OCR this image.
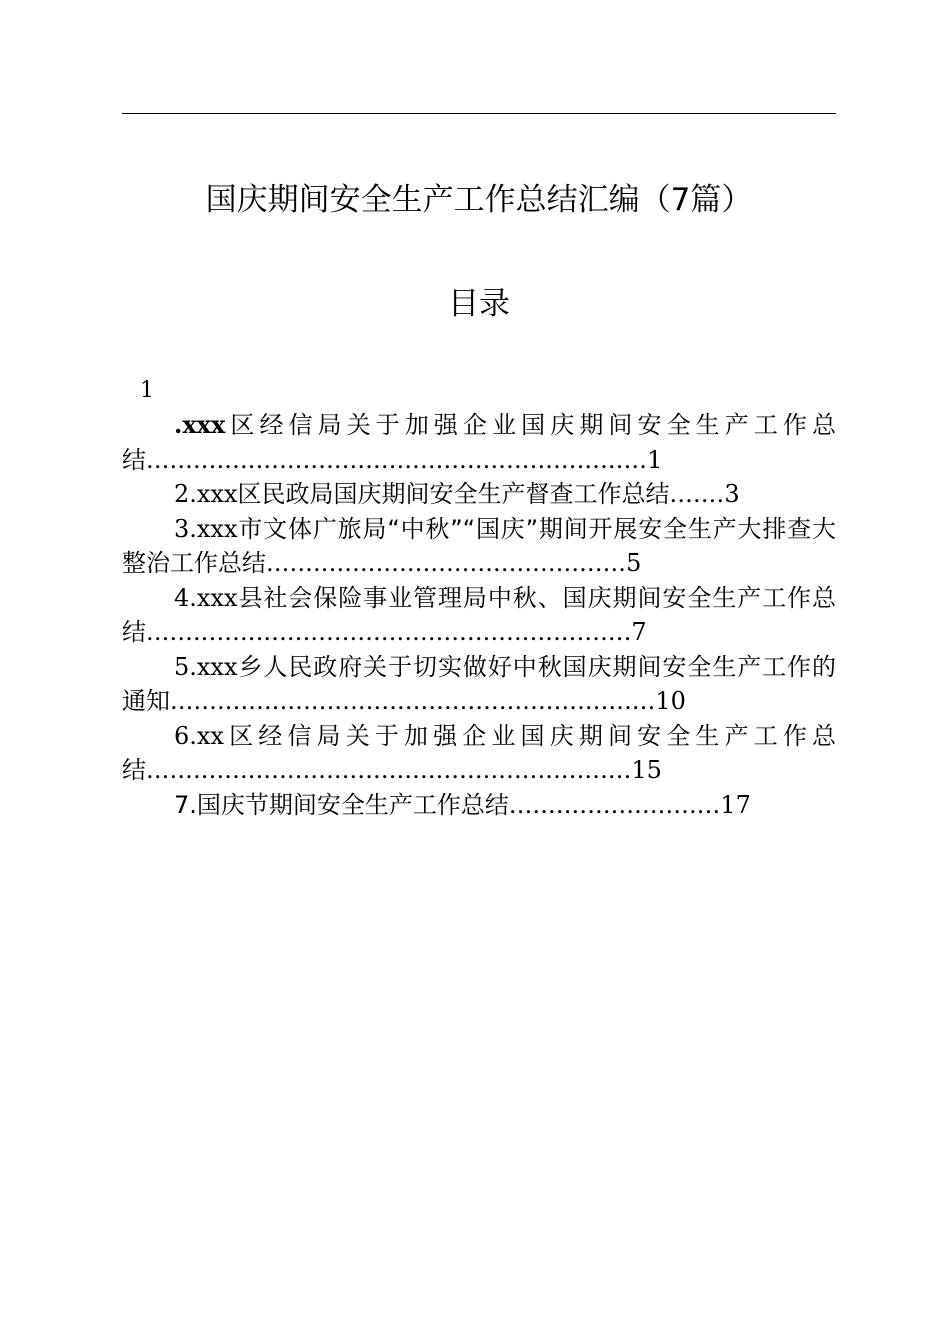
国庆期间安全生产工作总结汇编（7篇）
目录
1
.xxx区经信局关于加强企业国庆期间安全生产工作总结................................................................1
2.xxx区民政局国庆期间安全生产督查工作总结.......3
3.xxx市文体广旅局“中秋”“国庆”期间开展安全生产大排查大整治工作总结..............................................5
4.xxx县社会保险事业管理局中秋、国庆期间安全生产工作总结..............................................................7
5.xxx乡人民政府关于切实做好中秋国庆期间安全生产工作的通知..............................................................10
6.xx区经信局关于加强企业国庆期间安全生产工作总结..............................................................15
7.国庆节期间安全生产工作总结...........................17
